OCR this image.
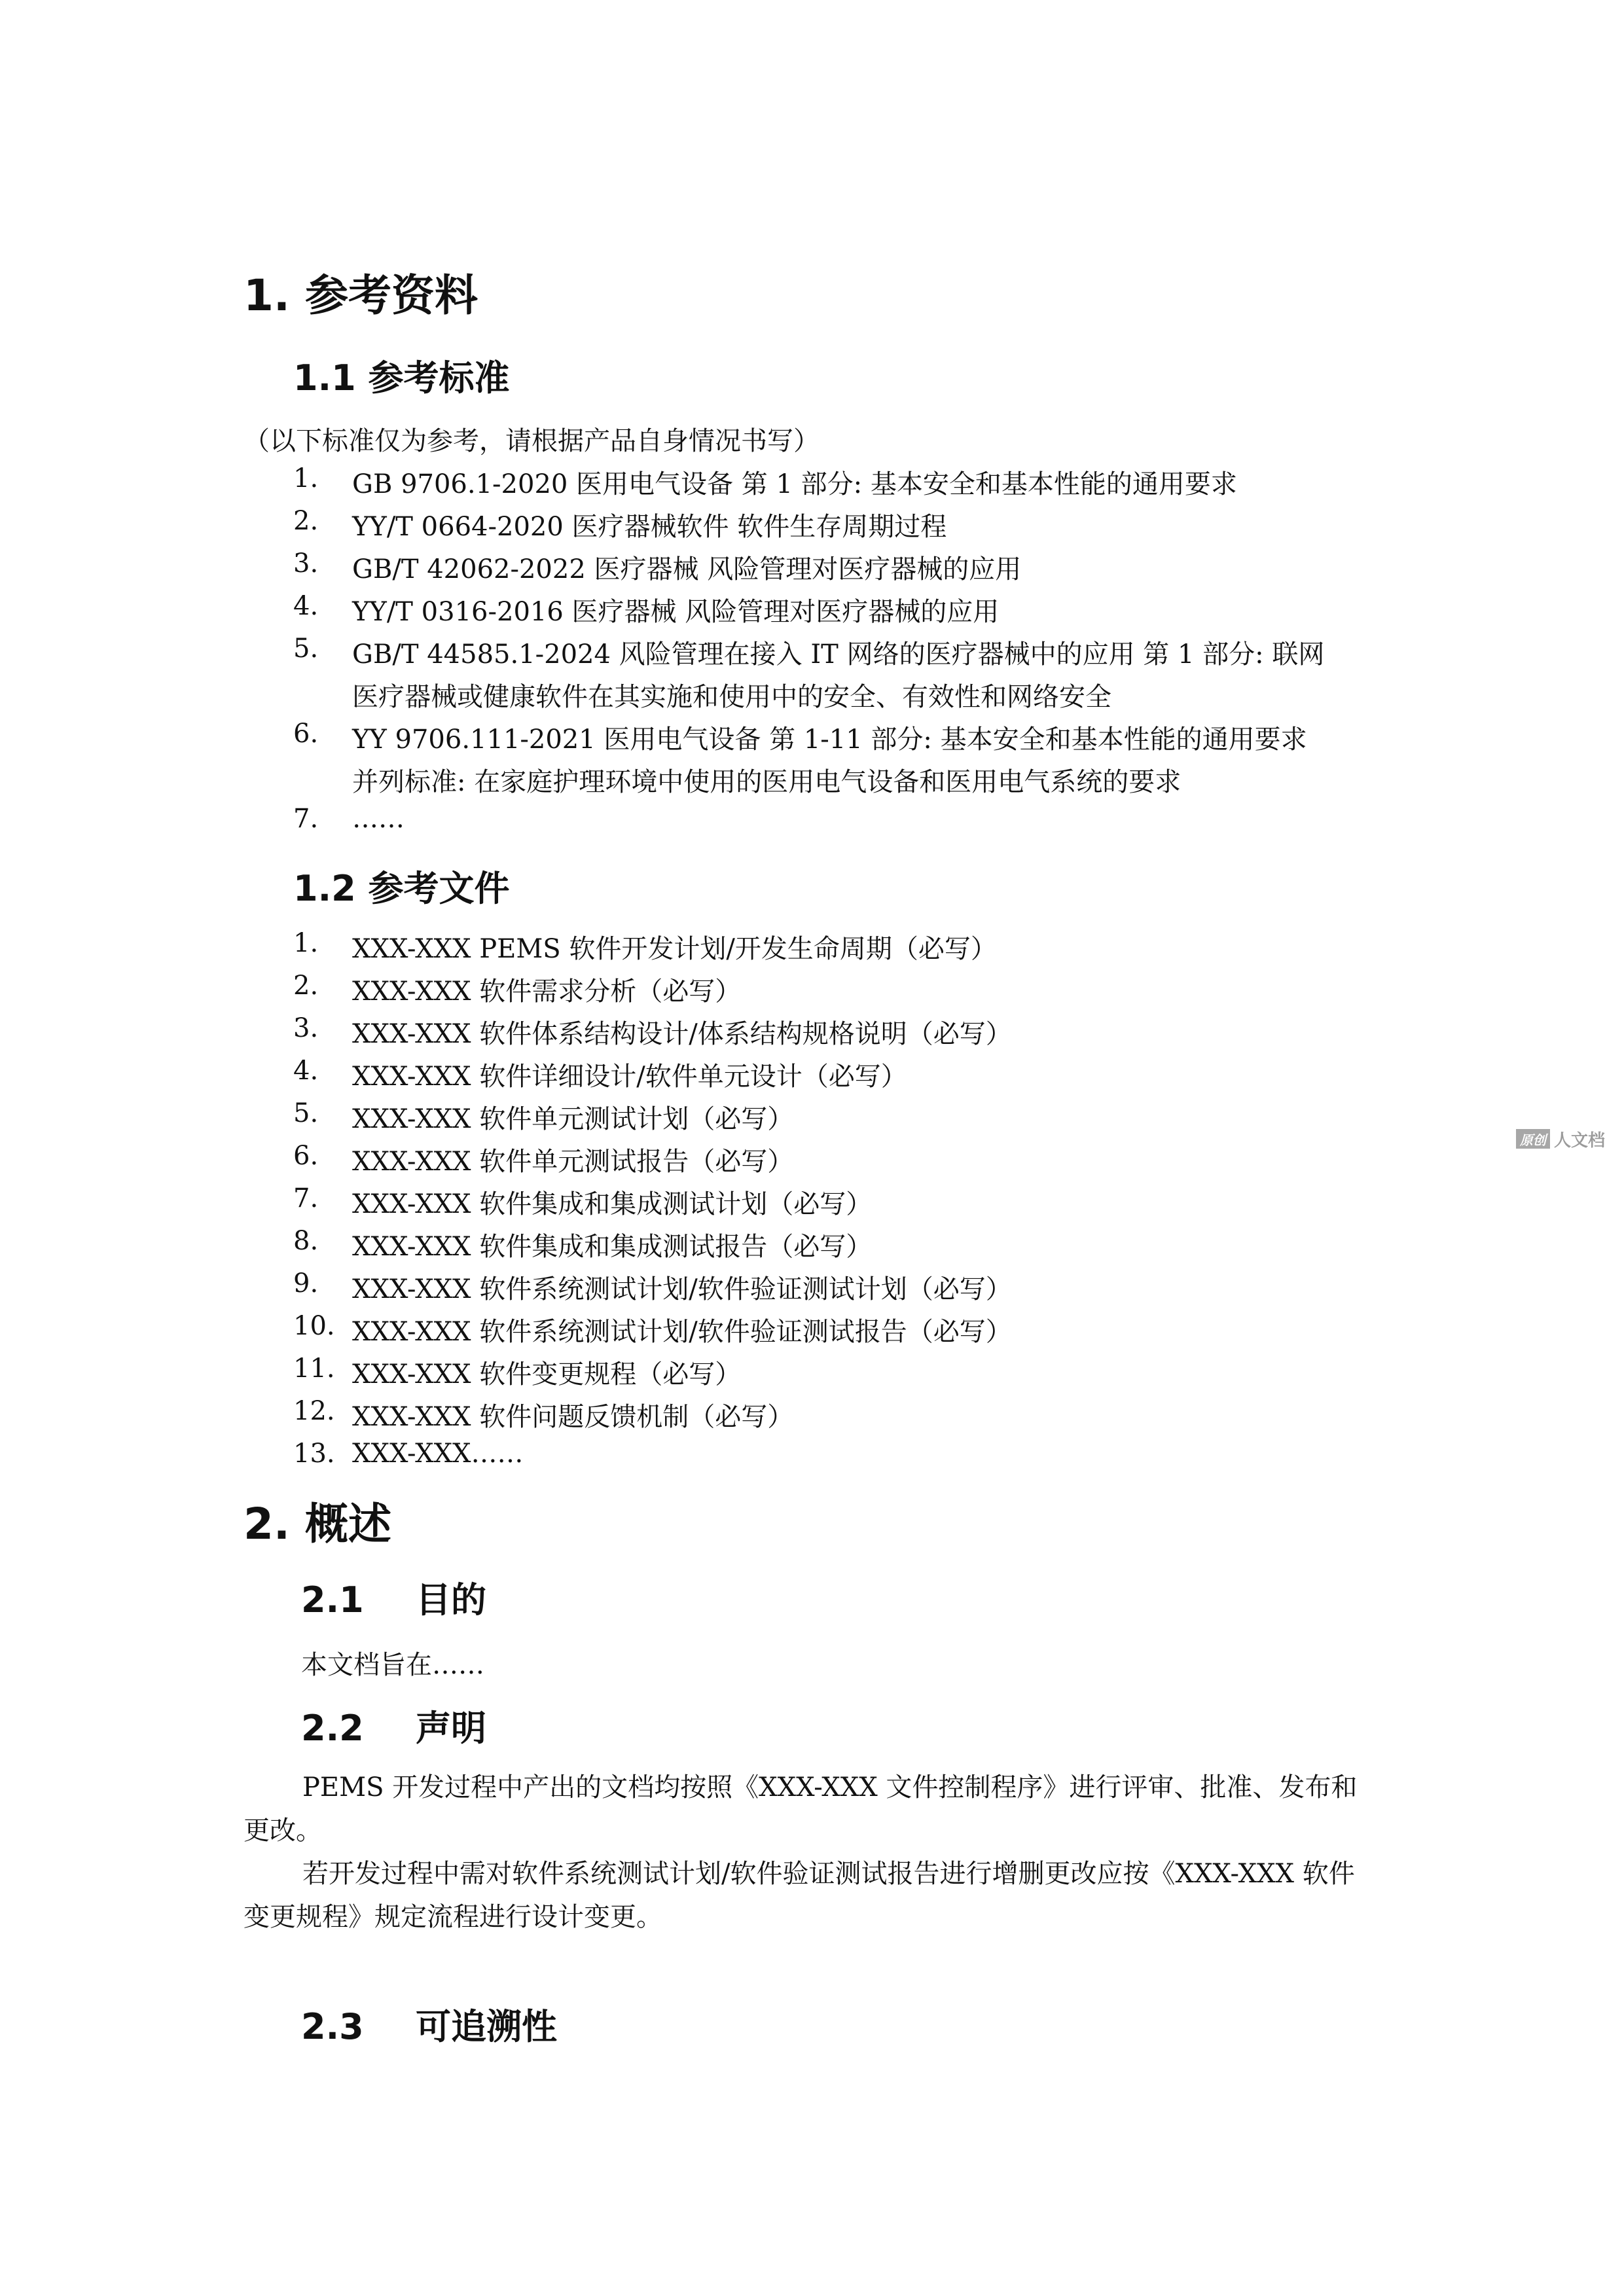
1. 参考资料
1.1 参考标准
（以下标准仅为参考，请根据产品自身情况书写）
1. GB 9706.1-2020 医用电气设备 第 1 部分: 基本安全和基本性能的通用要求
2. YY/T 0664-2020 医疗器械软件 软件生存周期过程
3. GB/T 42062-2022 医疗器械 风险管理对医疗器械的应用
4. YY/T 0316-2016 医疗器械 风险管理对医疗器械的应用
5. GB/T 44585.1-2024 风险管理在接入 IT 网络的医疗器械中的应用 第 1 部分: 联网
医疗器械或健康软件在其实施和使用中的安全、有效性和网络安全
6. YY 9706.111-2021 医用电气设备 第 1-11 部分: 基本安全和基本性能的通用要求
并列标准: 在家庭护理环境中使用的医用电气设备和医用电气系统的要求
7. ……
1.2 参考文件
1. XXX-XXX PEMS 软件开发计划/开发生命周期（必写）
2. XXX-XXX 软件需求分析（必写）
3. XXX-XXX 软件体系结构设计/体系结构规格说明（必写）
4. XXX-XXX 软件详细设计/软件单元设计（必写）
5. XXX-XXX 软件单元测试计划（必写）
6. XXX-XXX 软件单元测试报告（必写）
7. XXX-XXX 软件集成和集成测试计划（必写）
8. XXX-XXX 软件集成和集成测试报告（必写）
9. XXX-XXX 软件系统测试计划/软件验证测试计划（必写）
10. XXX-XXX 软件系统测试计划/软件验证测试报告（必写）
11. XXX-XXX 软件变更规程（必写）
12. XXX-XXX 软件问题反馈机制（必写）
13. XXX-XXX……
2. 概述
2.1 目的
本文档旨在……
2.2 声明
PEMS 开发过程中产出的文档均按照《XXX-XXX 文件控制程序》进行评审、批准、发布和更改。
若开发过程中需对软件系统测试计划/软件验证测试报告进行增删更改应按《XXX-XXX 软件变更规程》规定流程进行设计变更。
2.3 可追溯性
原创 人文档
